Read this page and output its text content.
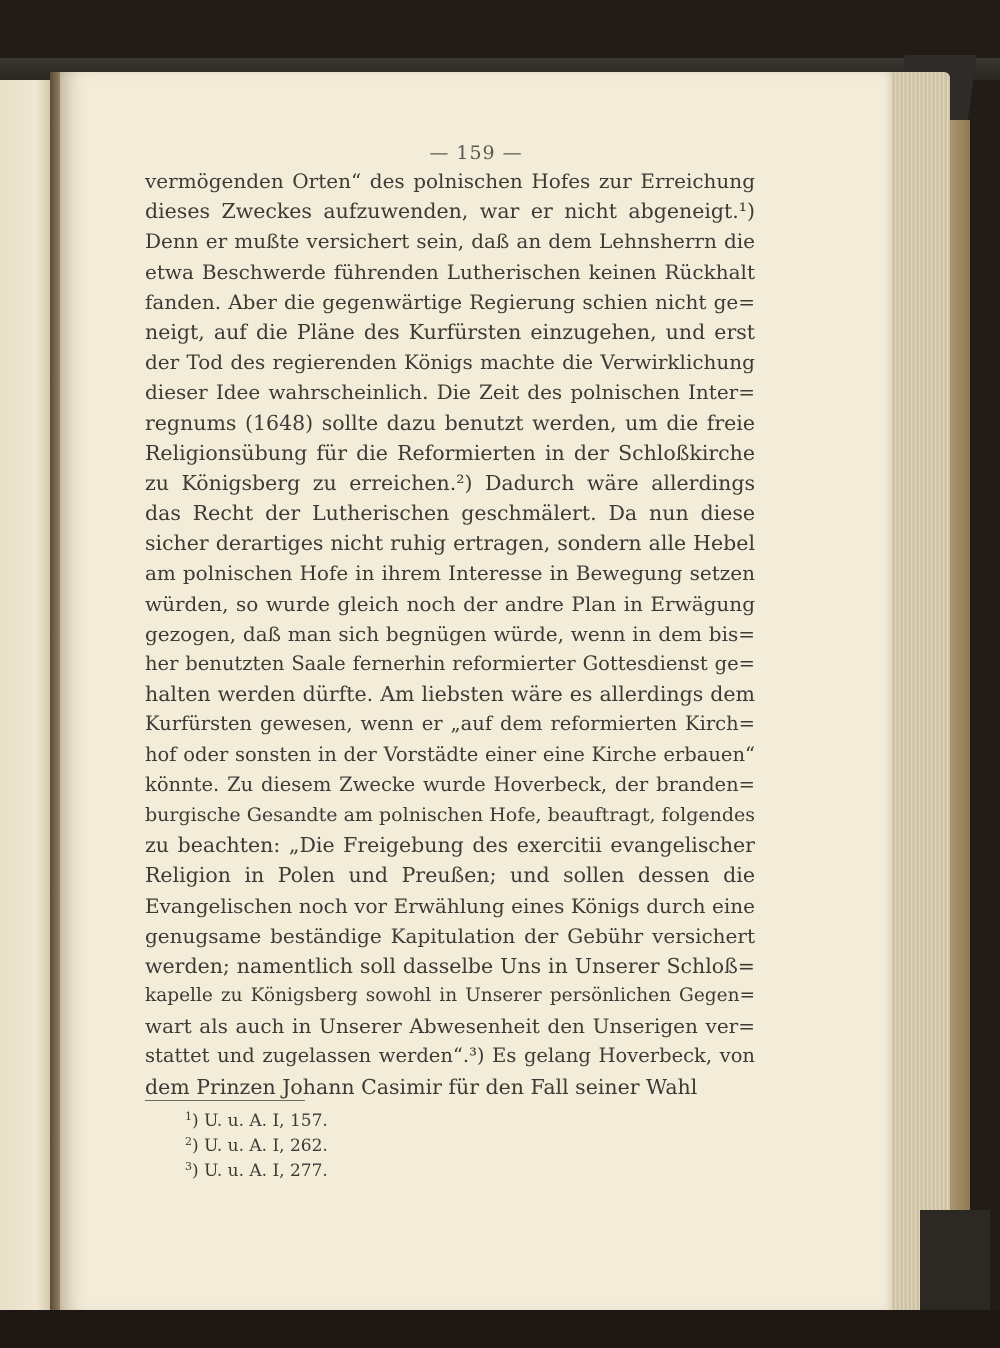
— 159 —
vermögenden Orten“ des polnischen Hofes zur Erreichung
dieses Zweckes aufzuwenden, war er nicht abgeneigt.¹)
Denn er mußte versichert sein, daß an dem Lehnsherrn die
etwa Beschwerde führenden Lutherischen keinen Rückhalt
fanden. Aber die gegenwärtige Regierung schien nicht ge=
neigt, auf die Pläne des Kurfürsten einzugehen, und erst
der Tod des regierenden Königs machte die Verwirklichung
dieser Idee wahrscheinlich. Die Zeit des polnischen Inter=
regnums (1648) sollte dazu benutzt werden, um die freie
Religionsübung für die Reformierten in der Schloßkirche
zu Königsberg zu erreichen.²) Dadurch wäre allerdings
das Recht der Lutherischen geschmälert. Da nun diese
sicher derartiges nicht ruhig ertragen, sondern alle Hebel
am polnischen Hofe in ihrem Interesse in Bewegung setzen
würden, so wurde gleich noch der andre Plan in Erwägung
gezogen, daß man sich begnügen würde, wenn in dem bis=
her benutzten Saale fernerhin reformierter Gottesdienst ge=
halten werden dürfte. Am liebsten wäre es allerdings dem
Kurfürsten gewesen, wenn er „auf dem reformierten Kirch=
hof oder sonsten in der Vorstädte einer eine Kirche erbauen“
könnte. Zu diesem Zwecke wurde Hoverbeck, der branden=
burgische Gesandte am polnischen Hofe, beauftragt, folgendes
zu beachten: „Die Freigebung des exercitii evangelischer
Religion in Polen und Preußen; und sollen dessen die
Evangelischen noch vor Erwählung eines Königs durch eine
genugsame beständige Kapitulation der Gebühr versichert
werden; namentlich soll dasselbe Uns in Unserer Schloß=
kapelle zu Königsberg sowohl in Unserer persönlichen Gegen=
wart als auch in Unserer Abwesenheit den Unserigen ver=
stattet und zugelassen werden“.³) Es gelang Hoverbeck, von
dem Prinzen Johann Casimir für den Fall seiner Wahl
$^1$) U. u. A. I, 157.
$^2$) U. u. A. I, 262.
$^3$) U. u. A. I, 277.
